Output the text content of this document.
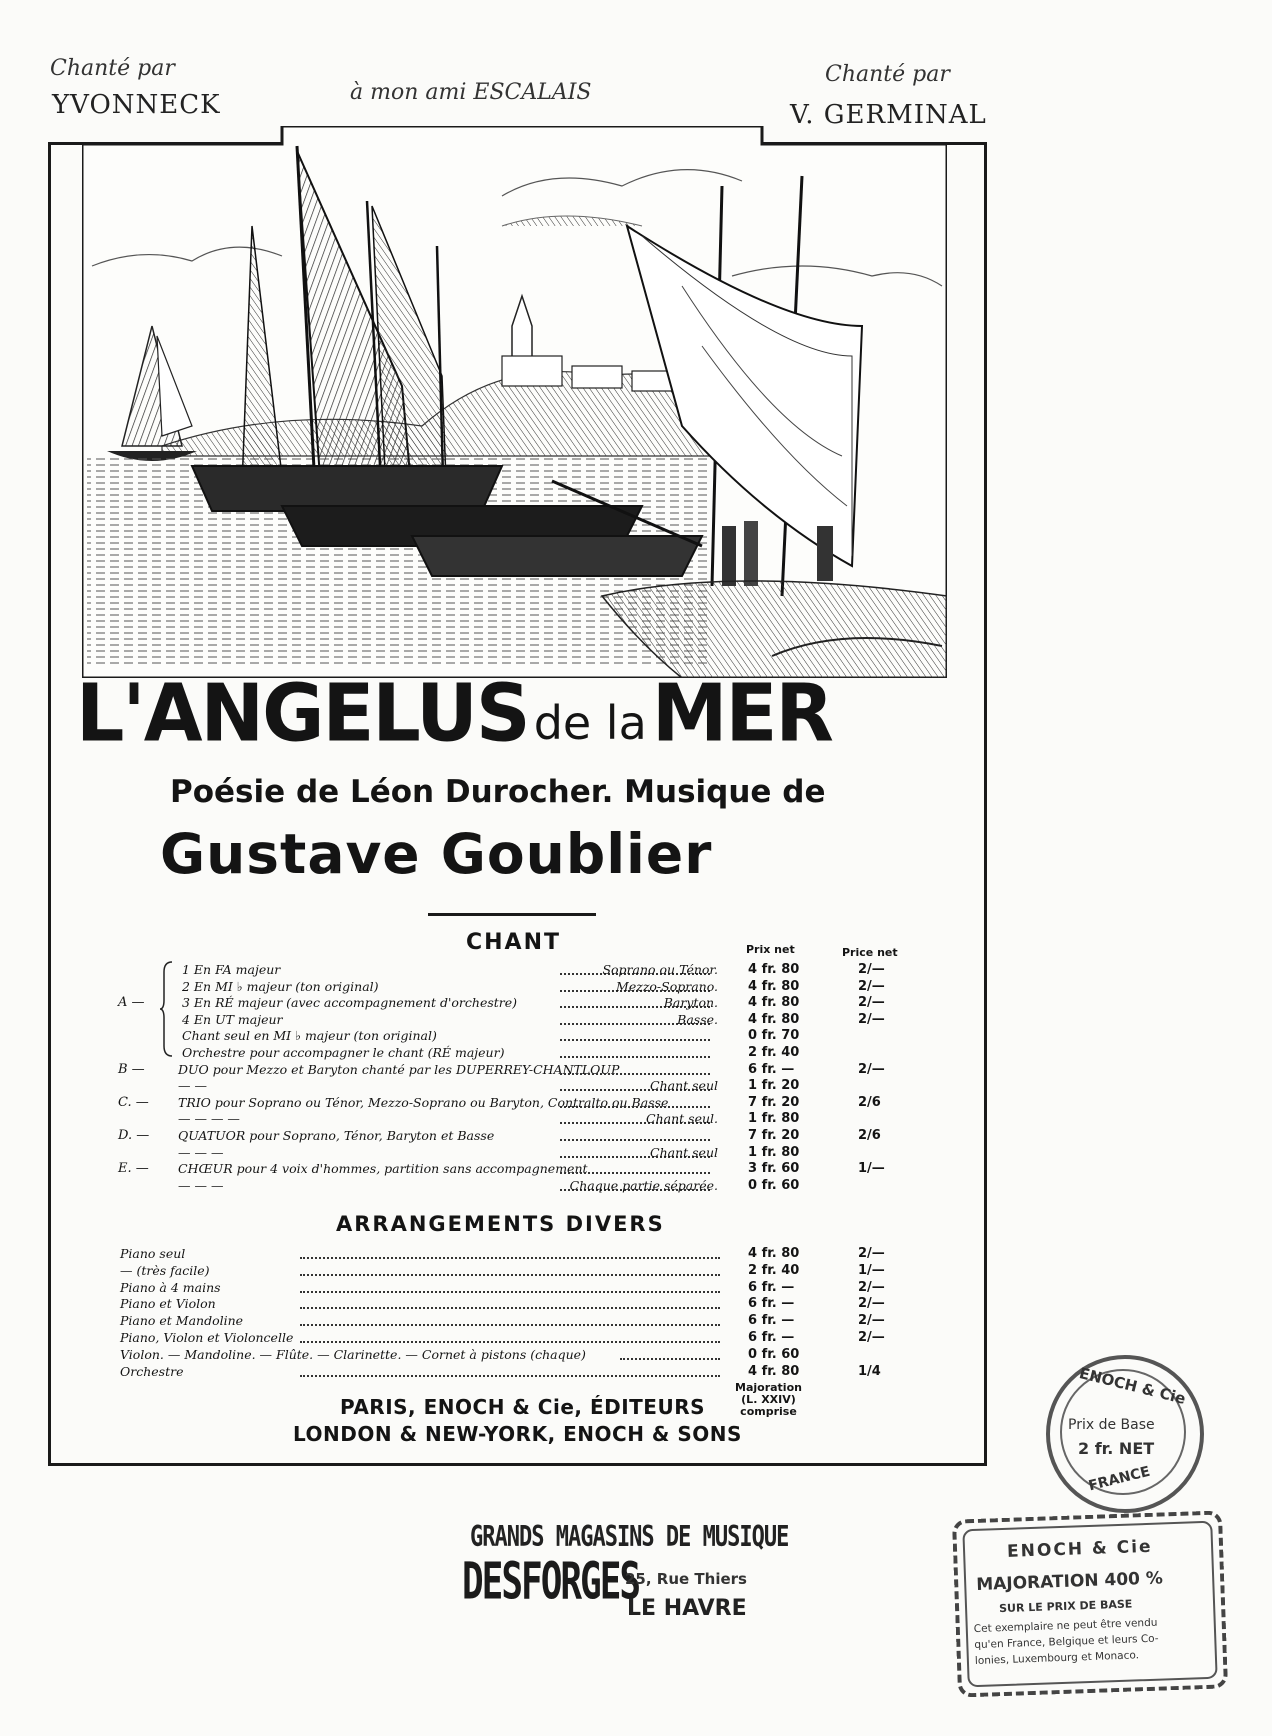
Chanté par
YVONNECK	à mon ami ESCALAIS
Chanté par
V. GERMINAL
L'ANGELUS de la MER
Poésie de Léon Durocher. Musique de
Gustave Goublier
CHANT	Prix net	Price net
1 En FA majeur	Soprano ou Ténor. 4 fr. 80	2/—
2 En MI ♭ majeur (ton original)	Mezzo-Soprano. 4 fr. 80	2/—
A —	3 En RÉ majeur (avec accompagnement d'orchestre)	Baryton. 4 fr. 80	2/—
4 En UT majeur	Basse. 4 fr. 80	2/—
Chant seul en MI ♭ majeur (ton original)	0 fr. 70
Orchestre pour accompagner le chant (RÉ majeur)	2 fr. 40
B —	DUO pour Mezzo et Baryton chanté par les DUPERREY-CHANTLOUP	6 fr. —	2/—
— —	Chant seul 1 fr. 20
C. — TRIO pour Soprano ou Ténor, Mezzo-Soprano ou Baryton, Contralto ou Basse	7 fr. 20	2/6
— — — —	Chant seul. 1 fr. 80
D. — QUATUOR pour Soprano, Ténor, Baryton et Basse	7 fr. 20	2/6
— — —	Chant seul 1 fr. 80
E. — CHŒUR pour 4 voix d'hommes, partition sans accompagnement	3 fr. 60	1/—
— — —	Chaque partie séparée. 0 fr. 60
ARRANGEMENTS DIVERS
Piano seul	4 fr. 80	2/—
— (très facile)	2 fr. 40	1/—
Piano à 4 mains	6 fr. —	2/—
Piano et Violon	6 fr. —	2/—
Piano et Mandoline	6 fr. —	2/—
Piano, Violon et Violoncelle	6 fr. —	2/—
Violon. — Mandoline. — Flûte. — Clarinette. — Cornet à pistons (chaque)	0 fr. 60
Orchestre	4 fr. 80	1/4
Majoration
(L. XXIV)
comprise
PARIS, ENOCH & Cie, ÉDITEURS
LONDON & NEW-YORK, ENOCH & SONS
GRANDS MAGASINS DE MUSIQUE
DESFORGES
25, Rue Thiers
LE HAVRE
ENOCH & Cie
Prix de Base
2 fr. NET
FRANCE
ENOCH & Cie
MAJORATION 400 %
SUR LE PRIX DE BASE
Cet exemplaire ne peut être vendu
qu'en France, Belgique et leurs Co-
lonies, Luxembourg et Monaco.
